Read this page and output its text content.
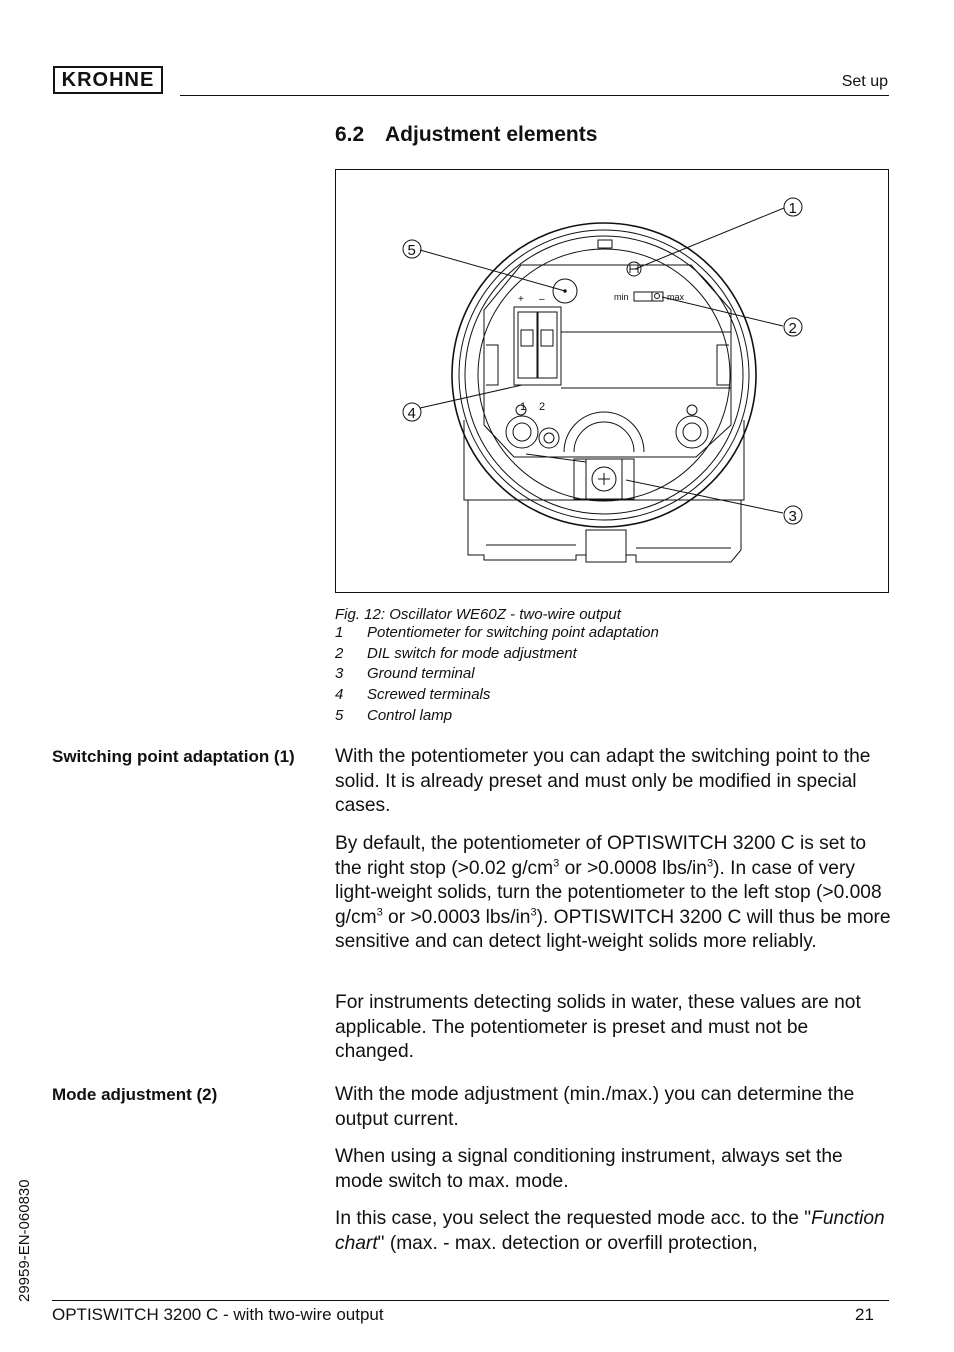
KROHNE	Set up
6.2 Adjustment elements
1
2
3
4
5
+ –	min	max
1 2
Fig. 12: Oscillator WE60Z - two-wire output
1	Potentiometer for switching point adaptation
2	DIL switch for mode adjustment
3	Ground terminal
4	Screwed terminals
5	Control lamp
Switching point adaptation (1) With the potentiometer you can adapt the switching point to the solid. It is already preset and must only be modified in special cases.

By default, the potentiometer of OPTISWITCH 3200 C is set to the right stop (>0.02 $g/cm^3$ or >0.0008 lbs/$in^3$). In case of very light-weight solids, turn the potentiometer to the left stop (>0.008 $g/cm^3$ or >0.0003 lbs/$in^3$). OPTISWITCH 3200 C will thus be more sensitive and can detect light-weight solids more reliably.

For instruments detecting solids in water, these values are not applicable. The potentiometer is preset and must not be changed.

Mode adjustment (2)	With the mode adjustment (min./max.) you can determine the output current.

When using a signal conditioning instrument, always set the mode switch to max. mode.

In this case, you select the requested mode acc. to the "Function chart" (max. - max. detection or overfill protection,

29959-EN-060830
OPTISWITCH 3200 C - with two-wire output	21
